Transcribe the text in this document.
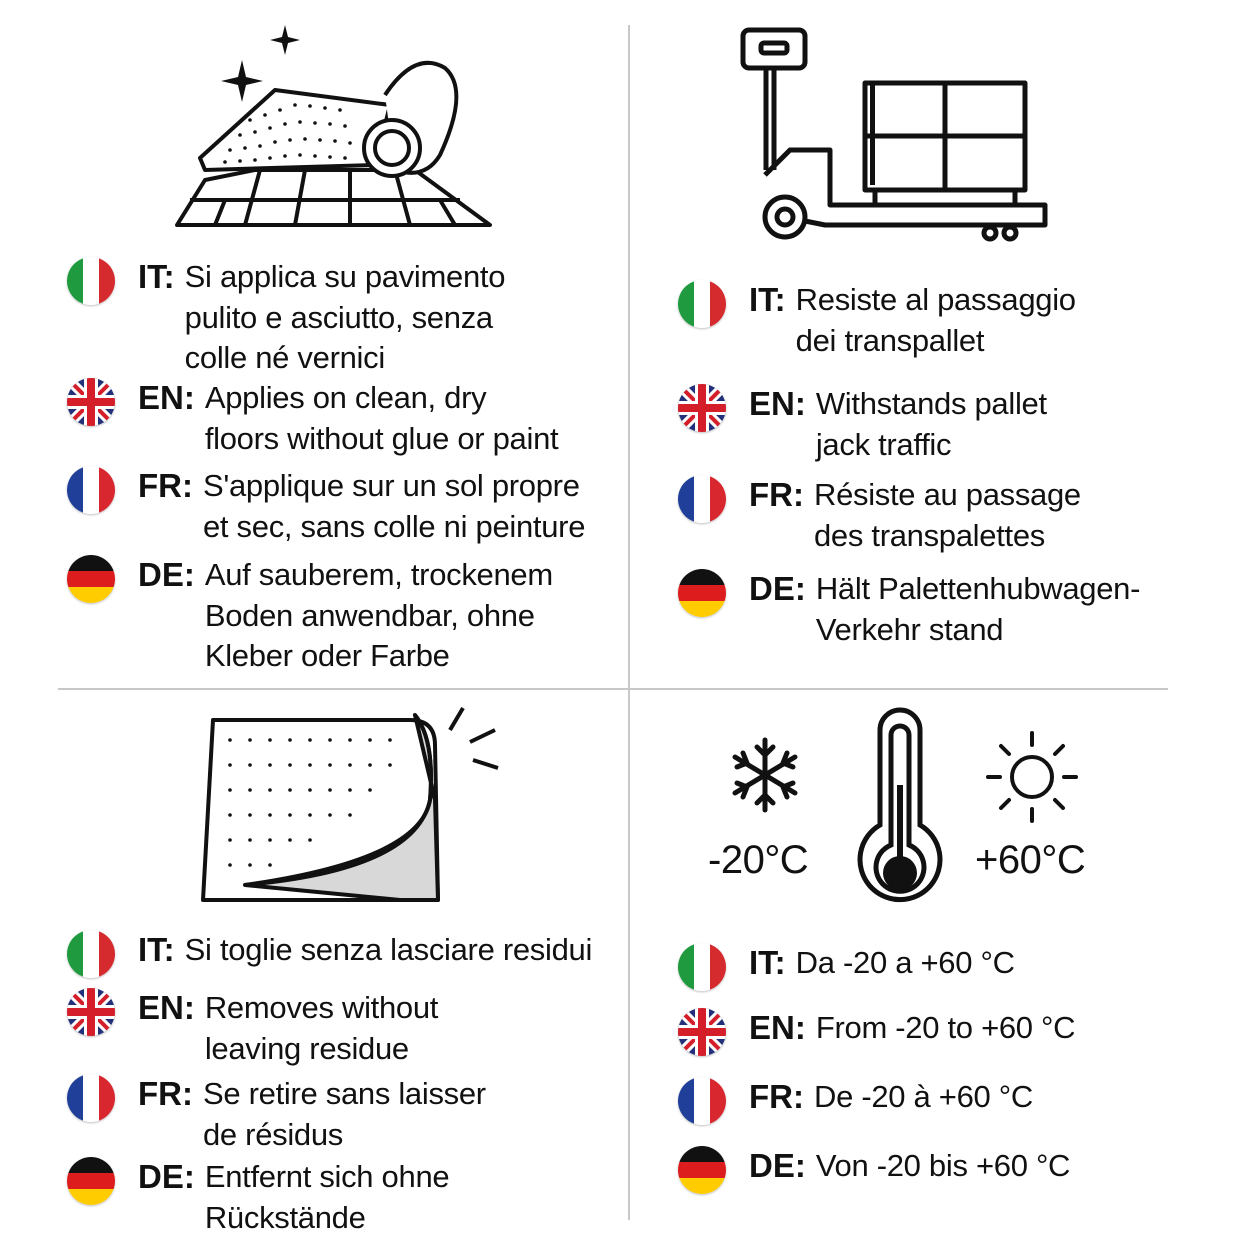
-20°C	+60°C
IT: Si applica su pavimento
pulito e asciutto, senza
colle né vernici
EN: Applies on clean, dry
floors without glue or paint
FR: S'applique sur un sol propre
et sec, sans colle ni peinture
DE: Auf sauberem, trockenem
Boden anwendbar, ohne
Kleber oder Farbe
IT: Resiste al passaggio
dei transpallet
EN: Withstands pallet
jack traffic
FR: Résiste au passage
des transpalettes
DE: Hält Palettenhubwagen-
Verkehr stand
IT: Si toglie senza lasciare residui
EN: Removes without
leaving residue
FR: Se retire sans laisser
de résidus
DE: Entfernt sich ohne
Rückstände
IT: Da -20 a +60 °C
EN: From -20 to +60 °C
FR: De -20 à +60 °C
DE: Von -20 bis +60 °C
